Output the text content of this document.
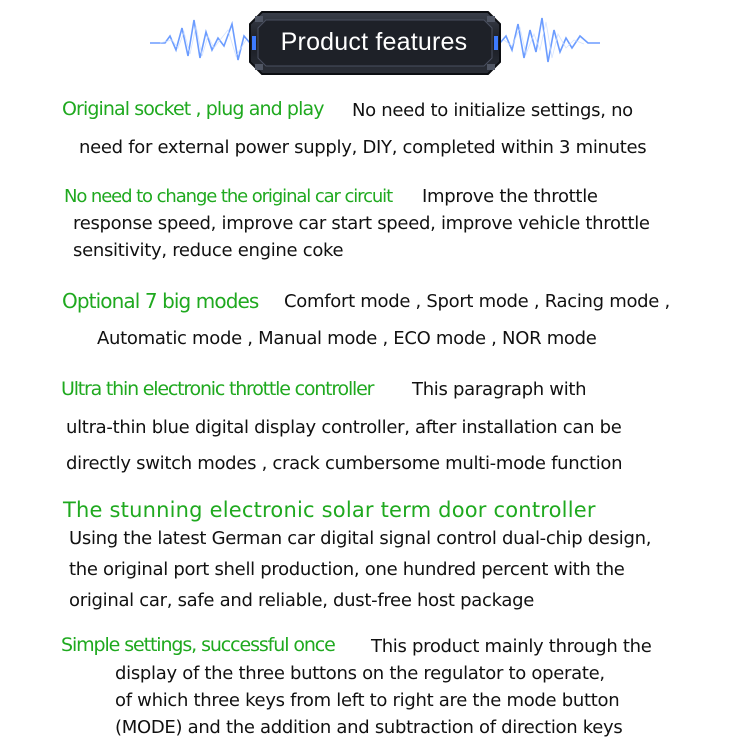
Product features
Original socket , plug and play No need to initialize settings, no
need for external power supply, DIY, completed within 3 minutes
No need to change the original car circuit Improve the throttle
response speed, improve car start speed, improve vehicle throttle
sensitivity, reduce engine coke
Optional 7 big modes Comfort mode , Sport mode , Racing mode ,
Automatic mode , Manual mode , ECO mode , NOR mode
Ultra thin electronic throttle controller This paragraph with
ultra-thin blue digital display controller, after installation can be
directly switch modes , crack cumbersome multi-mode function
The stunning electronic solar term door controller
Using the latest German car digital signal control dual-chip design,
the original port shell production, one hundred percent with the
original car, safe and reliable, dust-free host package
Simple settings, successful once This product mainly through the
display of the three buttons on the regulator to operate,
of which three keys from left to right are the mode button
(MODE) and the addition and subtraction of direction keys
